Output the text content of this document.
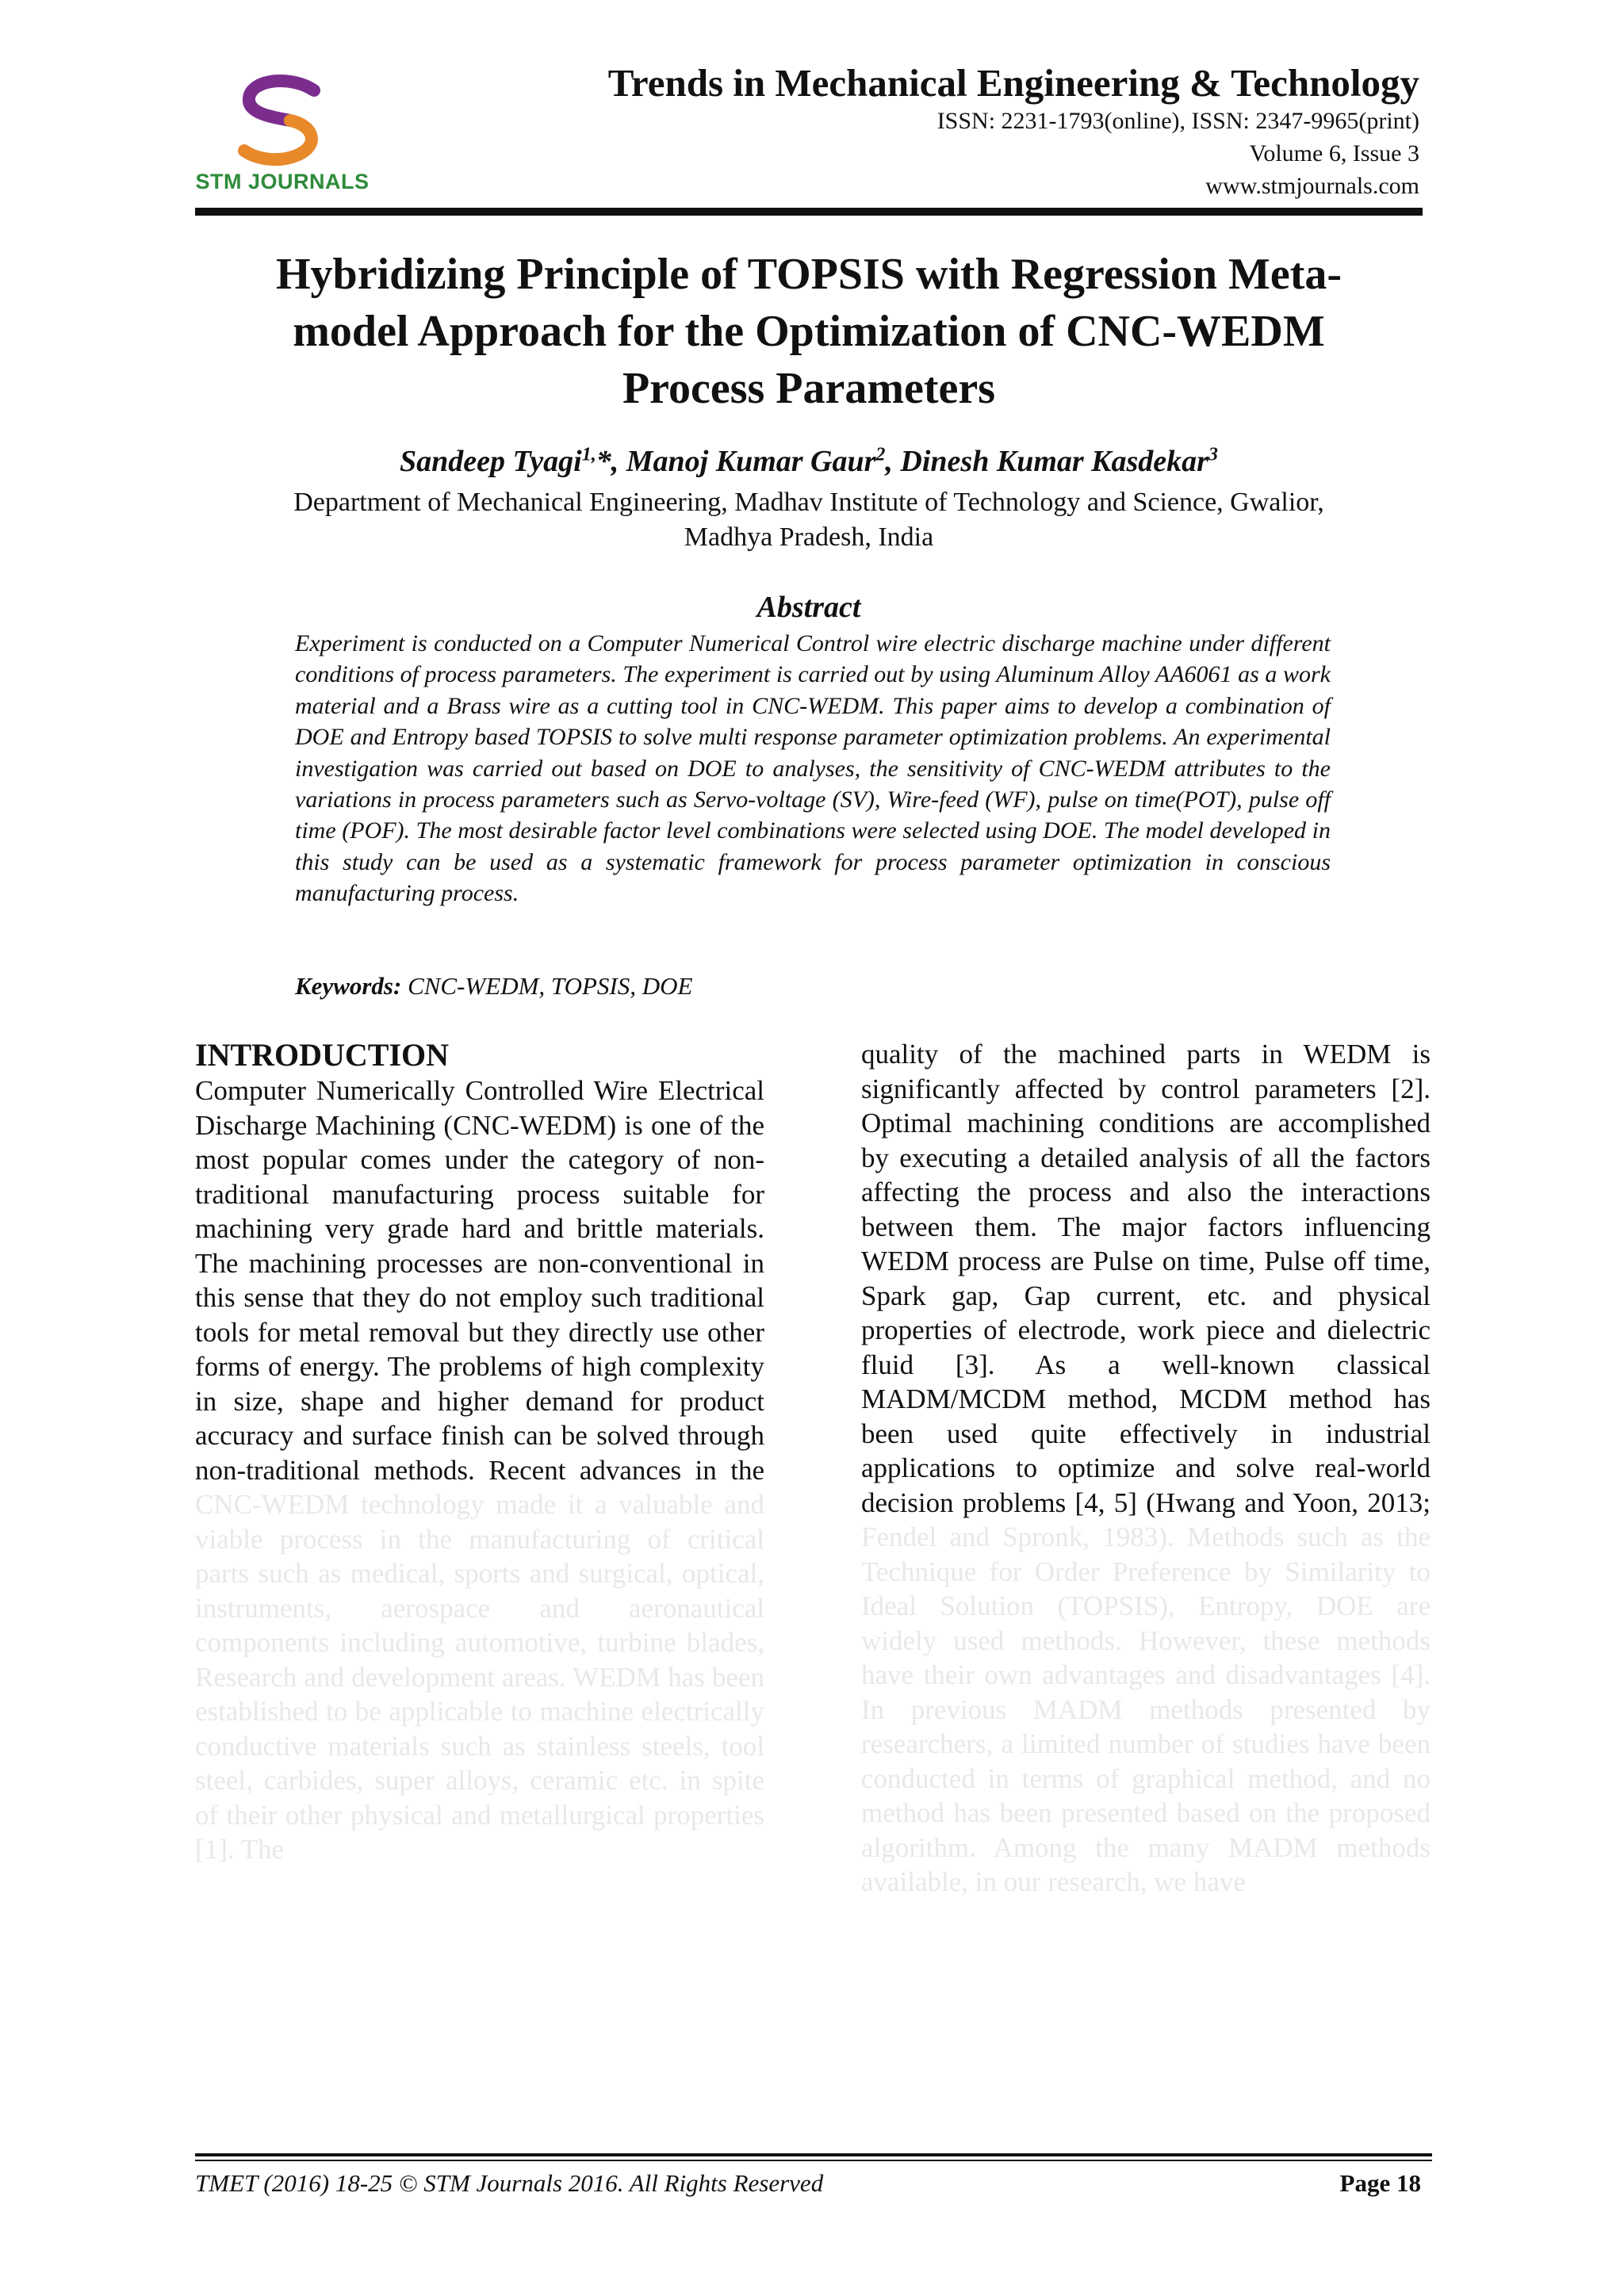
STM JOURNALS
Trends in Mechanical Engineering & Technology
ISSN: 2231-1793(online), ISSN: 2347-9965(print)
Volume 6, Issue 3
www.stmjournals.com
Hybridizing Principle of TOPSIS with Regression Meta-
model Approach for the Optimization of CNC-WEDM
Process Parameters
Sandeep Tyagi$^{1,}$*, Manoj Kumar Gaur$^2$, Dinesh Kumar Kasdekar$^3$
Department of Mechanical Engineering, Madhav Institute of Technology and Science, Gwalior,
Madhya Pradesh, India
Abstract
Experiment is conducted on a Computer Numerical Control wire electric discharge machine under different conditions of process parameters. The experiment is carried out by using Aluminum Alloy AA6061 as a work material and a Brass wire as a cutting tool in CNC-WEDM. This paper aims to develop a combination of DOE and Entropy based TOPSIS to solve multi response parameter optimization problems. An experimental investigation was carried out based on DOE to analyses, the sensitivity of CNC-WEDM attributes to the variations in process parameters such as Servo-voltage (SV), Wire-feed (WF), pulse on time(POT), pulse off time (POF). The most desirable factor level combinations were selected using DOE. The model developed in this study can be used as a systematic framework for process parameter optimization in conscious manufacturing process.
Keywords: CNC-WEDM, TOPSIS, DOE
INTRODUCTION
Computer Numerically Controlled Wire Electrical Discharge Machining (CNC-WEDM) is one of the most popular comes under the category of non-traditional manufacturing process suitable for machining very grade hard and brittle materials. The machining processes are non-conventional in this sense that they do not employ such traditional tools for metal removal but they directly use other forms of energy. The problems of high complexity in size, shape and higher demand for product accuracy and surface finish can be solved through non-traditional methods. Recent advances in the CNC-WEDM technology made it a valuable and viable process in the manufacturing of critical parts such as medical, sports and surgical, optical, instruments, aerospace and aeronautical components including automotive, turbine blades, Research and development areas. WEDM has been established to be applicable to machine electrically conductive materials such as stainless steels, tool steel, carbides, super alloys, ceramic etc. in spite of their other physical and metallurgical properties [1]. The
quality of the machined parts in WEDM is significantly affected by control parameters [2]. Optimal machining conditions are accomplished by executing a detailed analysis of all the factors affecting the process and also the interactions between them. The major factors influencing WEDM process are Pulse on time, Pulse off time, Spark gap, Gap current, etc. and physical properties of electrode, work piece and dielectric fluid [3]. As a well-known classical MADM/MCDM method, MCDM method has been used quite effectively in industrial applications to optimize and solve real-world decision problems [4, 5] (Hwang and Yoon, 2013; Fendel and Spronk, 1983). Methods such as the Technique for Order Preference by Similarity to Ideal Solution (TOPSIS), Entropy, DOE are widely used methods. However, these methods have their own advantages and disadvantages [4]. In previous MADM methods presented by researchers, a limited number of studies have been conducted in terms of graphical method, and no method has been presented based on the proposed algorithm. Among the many MADM methods available, in our research, we have
TMET (2016) 18-25 © STM Journals 2016. All Rights Reserved	Page 18
